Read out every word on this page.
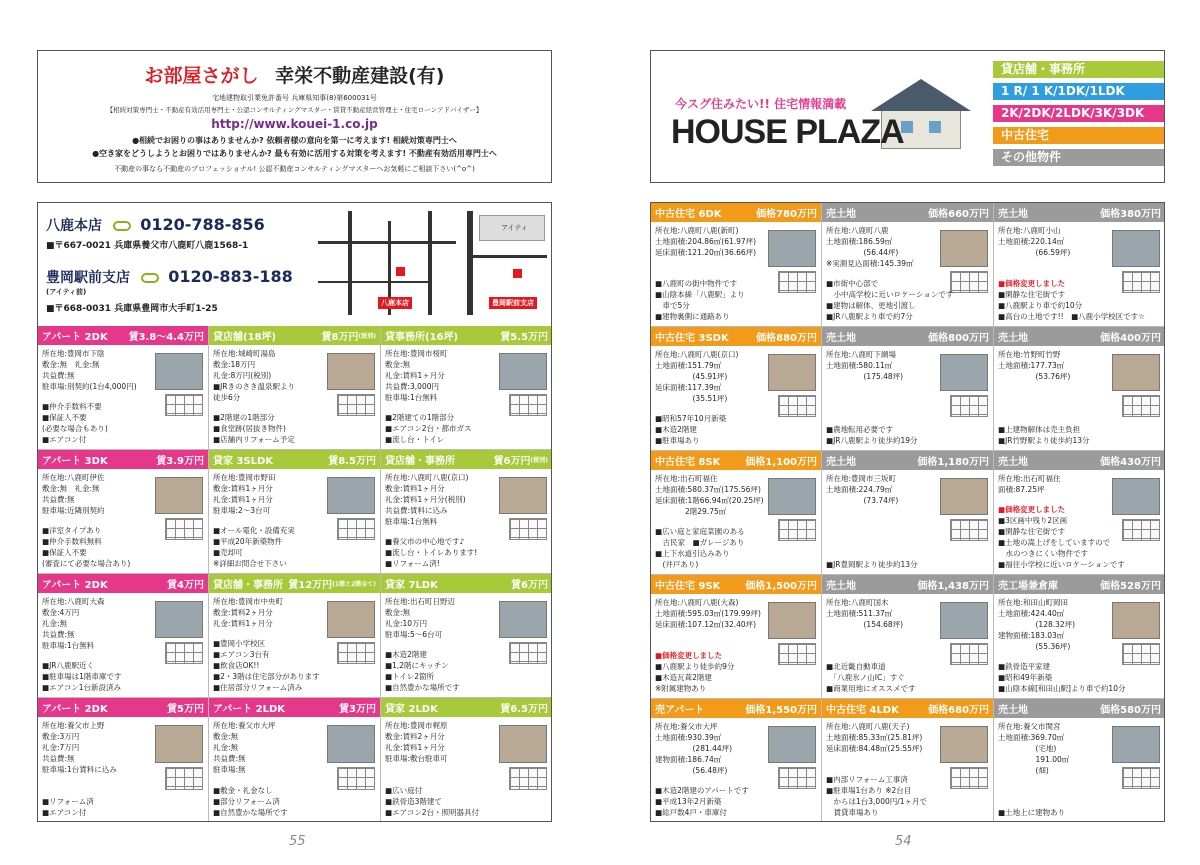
お部屋さがし 幸栄不動産建設(有)
宅地建物取引業免許番号 兵庫県知事(8)第600031号
【相続対策専門士・不動産有効活用専門士・公認コンサルティングマスター・賃貸不動産経営管理士・住宅ローンアドバイザー】
http://www.kouei-1.co.jp
●相続でお困りの事はありませんか? 依頼者様の意向を第一に考えます! 相続対策専門士へ
●空き家をどうしようとお困りではありませんか? 最も有効に活用する対策を考えます! 不動産有効活用専門士へ
不動産の事なら不動産のプロフェッショナル! 公認不動産コンサルティングマスターへお気軽にご相談下さい(^o^)
八鹿本店 0120-788-856
■〒667-0021 兵庫県養父市八鹿町八鹿1568-1
豊岡駅前支店 0120-883-188
(アイティ前)
■〒668-0031 兵庫県豊岡市大手町1-25
八鹿本店
アイティ
豊岡駅前支店
アパート 2DK	賃3.8〜4.4万円
所在地:豊岡市下陰
敷金:無　礼金:無
共益費:無
駐車場:別契約(1台4,000円)
■仲介手数料不要
■保証人不要
(必要な場合もあり)
■エアコン付
貸店舗(18坪)	賃8万円 (税別)
所在地:城崎町湯島
敷金:18万円
礼金:8万円(税別)
■JRきのさき温泉駅より
徒歩6分
■2階建の1階部分
■食堂跡(居抜き物件)
■店舗内リフォーム予定
貸事務所(16坪)	賃5.5万円
所在地:豊岡市桜町
敷金:無
礼金:賃料1ヶ月分
共益費:3,000円
駐車場:1台無料
■2階建ての1階部分
■エアコン2台・都市ガス
■流し台・トイレ
アパート 3DK	賃3.9万円
所在地:八鹿町伊佐
敷金:無　礼金:無
共益費:無
駐車場:近隣別契約
■洋室タイプあり
■仲介手数料無料
■保証人不要
(審査にて必要な場合あり)
貸家 3SLDK	賃8.5万円
所在地:豊岡市野田
敷金:賃料1ヶ月分
礼金:賃料1ヶ月分
駐車場:2〜3台可
■オール電化・設備充実
■平成20年新築物件
■売却可
※詳細お問合せ下さい
貸店舗・事務所	賃6万円 (税別)
所在地:八鹿町八鹿(京口)
敷金:賃料1ヶ月分
礼金:賃料1ヶ月分(税別)
共益費:賃料に込み
駐車場:1台無料
■養父市の中心地です♪
■流し台・トイレあります!
■リフォーム済!
アパート 2DK	賃4万円
所在地:八鹿町大森
敷金:4万円
礼金:無
共益費:無
駐車場:1台無料
■JR八鹿駅近く
■駐車場は1階車庫です
■エアコン1台新設済み
貸店舗・事務所 賃12万円 (1階と2階全て)
所在地:豊岡市中央町
敷金:賃料2ヶ月分
礼金:賃料1ヶ月分
■豊岡小学校区
■エアコン3台有
■飲食店OK!!
■2・3階は住宅部分があります
■住居部分リフォーム済み
貸家 7LDK	賃6万円
所在地:出石町日野辺
敷金:無
礼金:10万円
駐車場:5〜6台可
■木造2階建
■1,2階にキッチン
■トイレ2箇所
■自然豊かな場所です
アパート 2DK	賃5万円
所在地:養父市上野
敷金:3万円
礼金:7万円
共益費:無
駐車場:1台賃料に込み
■リフォーム済
■エアコン付
アパート 2LDK	賃3万円
所在地:養父市大坪
敷金:無
礼金:無
共益費:無
駐車場:無
■敷金・礼金なし
■部分リフォーム済
■自然豊かな場所です
貸家 2LDK	賃6.5万円
所在地:豊岡市梶原
敷金:賃料2ヶ月分
礼金:賃料1ヶ月分
駐車場:敷台駐車可
■広い庭付
■鉄骨造3階建て
■エアコン2台・照明器具付
55
今スグ住みたい!! 住宅情報満載
HOUSE PLAZA
貸店舗・事務所
1 R/ 1 K/1DK/1LDK
2K/2DK/2LDK/3K/3DK
中古住宅
その他物件
中古住宅 6DK	価格780万円
所在地:八鹿町八鹿(新町)
土地面積:204.86㎡(61.97坪)
延床面積:121.20㎡(36.66坪)
■八鹿町の街中物件です
■山陰本線「八鹿駅」より
　車で5分
■建物裏側に通路あり
売土地	価格660万円
所在地:八鹿町八鹿
土地面積:186.59㎡
　　　　　(56.44坪)
※実測見込面積:145.39㎡
■市街中心部で
　小中高学校に近いロケーションです
■建物は解体、更地引渡し
■JR八鹿駅より車で約7分
売土地	価格380万円
所在地:八鹿町小山
土地面積:220.14㎡
　　　　　(66.59坪)
■価格変更しました
■閑静な住宅街です
■八鹿駅より車で約10分
■高台の土地です!!　■八鹿小学校区です☆
中古住宅 3SDK	価格880万円
所在地:八鹿町八鹿(京口)
土地面積:151.79㎡
　　　　　(45.91坪)
延床面積:117.39㎡
　　　　　(35.51坪)
■昭和57年10月新築
■木造2階建
■駐車場あり
売土地	価格800万円
所在地:八鹿町下網場
土地面積:580.11㎡
　　　　　(175.48坪)
■農地転用必要です
■JR八鹿駅より徒歩約19分
売土地	価格400万円
所在地:竹野町竹野
土地面積:177.73㎡
　　　　　(53.76坪)
■上建物解体は売主負担
■JR竹野駅より徒歩約13分
中古住宅 8SK	価格1,100万円
所在地:出石町福住
土地面積:580.37㎡(175.56坪)
延床面積:1階66.94㎡(20.25坪)
　　　　2階29.75㎡
■広い庭と家庭菜園のある
　古民家　■ガレージあり
■上下水道引込みあり
　(井戸あり)
売土地	価格1,180万円
所在地:豊岡市三坂町
土地面積:224.79㎡
　　　　　(73.74坪)
■JR豊岡駅より徒歩約13分
売土地	価格430万円
所在地:出石町福住
面積:87.25坪
■価格変更しました
■3区画中残り2区画
■閑静な住宅街です
■土地の嵩上げをしていますので
　水のつきにくい物件です
■福住小学校に近いロケーションです
中古住宅 9SK	価格1,500万円
所在地:八鹿町八鹿(大森)
土地面積:595.03㎡(179.99坪)
延床面積:107.12㎡(32.40坪)
■価格変更しました
■八鹿駅より徒歩約9分
■木造瓦葺2階建
※附属建物あり
売土地	価格1,438万円
所在地:八鹿町国木
土地面積:511.37㎡
　　　　　(154.68坪)
■北近畿自動車道
　「八鹿氷ノ山IC」すぐ
■商業用地にオススメです
売工場兼倉庫	価格528万円
所在地:和田山町岡田
土地面積:424.40㎡
　　　　　(128.32坪)
建物面積:183.03㎡
　　　　　(55.36坪)
■鉄骨造平家建
■昭和49年新築
■山陰本線[和田山駅]より車で約10分
売アパート	価格1,550万円
所在地:養父市大坪
土地面積:930.39㎡
　　　　　(281.44坪)
建物面積:186.74㎡
　　　　　(56.48坪)
■木造2階建のアパートです
■平成13年2月新築
■総戸数4戸・車庫付
中古住宅 4LDK	価格680万円
所在地:八鹿町八鹿(天子)
土地面積:85.33㎡(25.81坪)
延床面積:84.48㎡(25.55坪)
■内部リフォーム工事済
■駐車場1台あり ※2台目
　からは1台3,000円/1ヶ月で
　賃貸車場あり
売土地	価格580万円
所在地:養父市関宮
土地面積:369.70㎡
　　　　　(宅地)
　　　　　191.00㎡
　　　　　(畑)
■土地上に建物あり
54
